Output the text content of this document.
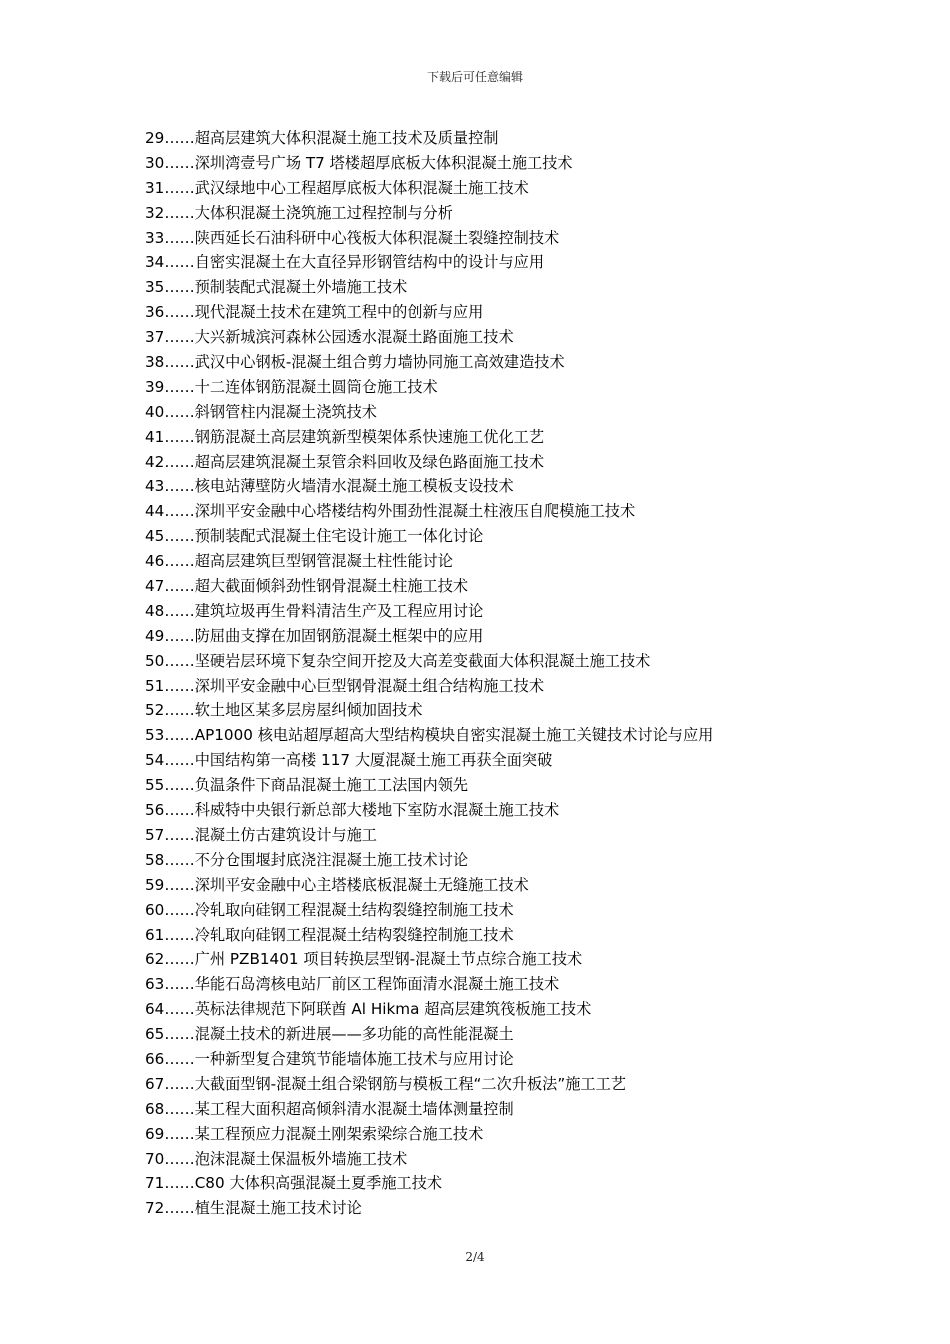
下载后可任意编辑
29……超高层建筑大体积混凝土施工技术及质量控制
30……深圳湾壹号广场 T7 塔楼超厚底板大体积混凝土施工技术
31……武汉绿地中心工程超厚底板大体积混凝土施工技术
32……大体积混凝土浇筑施工过程控制与分析
33……陕西延长石油科研中心筏板大体积混凝土裂缝控制技术
34……自密实混凝土在大直径异形钢管结构中的设计与应用
35……预制装配式混凝土外墙施工技术
36……现代混凝土技术在建筑工程中的创新与应用
37……大兴新城滨河森林公园透水混凝土路面施工技术
38……武汉中心钢板-混凝土组合剪力墙协同施工高效建造技术
39……十二连体钢筋混凝土圆筒仓施工技术
40……斜钢管柱内混凝土浇筑技术
41……钢筋混凝土高层建筑新型模架体系快速施工优化工艺
42……超高层建筑混凝土泵管余料回收及绿色路面施工技术
43……核电站薄壁防火墙清水混凝土施工模板支设技术
44……深圳平安金融中心塔楼结构外围劲性混凝土柱液压自爬模施工技术
45……预制装配式混凝土住宅设计施工一体化讨论
46……超高层建筑巨型钢管混凝土柱性能讨论
47……超大截面倾斜劲性钢骨混凝土柱施工技术
48……建筑垃圾再生骨料清洁生产及工程应用讨论
49……防屈曲支撑在加固钢筋混凝土框架中的应用
50……坚硬岩层环境下复杂空间开挖及大高差变截面大体积混凝土施工技术
51……深圳平安金融中心巨型钢骨混凝土组合结构施工技术
52……软土地区某多层房屋纠倾加固技术
53……AP1000 核电站超厚超高大型结构模块自密实混凝土施工关键技术讨论与应用
54……中国结构第一高楼 117 大厦混凝土施工再获全面突破
55……负温条件下商品混凝土施工工法国内领先
56……科威特中央银行新总部大楼地下室防水混凝土施工技术
57……混凝土仿古建筑设计与施工
58……不分仓围堰封底浇注混凝土施工技术讨论
59……深圳平安金融中心主塔楼底板混凝土无缝施工技术
60……冷轧取向硅钢工程混凝土结构裂缝控制施工技术
61……冷轧取向硅钢工程混凝土结构裂缝控制施工技术
62……广州 PZB1401 项目转换层型钢-混凝土节点综合施工技术
63……华能石岛湾核电站厂前区工程饰面清水混凝土施工技术
64……英标法律规范下阿联酋 Al Hikma 超高层建筑筏板施工技术
65……混凝土技术的新进展——多功能的高性能混凝土
66……一种新型复合建筑节能墙体施工技术与应用讨论
67……大截面型钢-混凝土组合梁钢筋与模板工程“二次升板法”施工工艺
68……某工程大面积超高倾斜清水混凝土墙体测量控制
69……某工程预应力混凝土刚架索梁综合施工技术
70……泡沫混凝土保温板外墙施工技术
71……C80 大体积高强混凝土夏季施工技术
72……植生混凝土施工技术讨论
2/4
